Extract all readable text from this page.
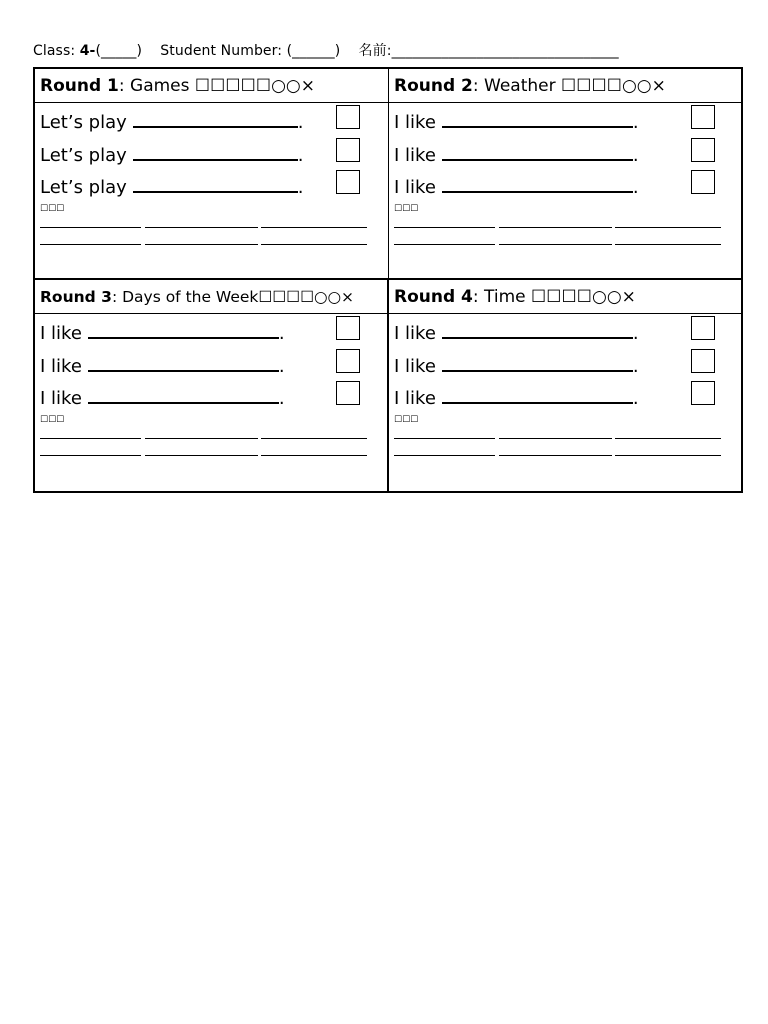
Class: 4-(_____) Student Number: (______) 名前:________________________________
Round 1: Games ☐☐☐☐☐○○×
Let’s play	.
Let’s play	.
Let’s play	.
☐☐☐
Round 2: Weather ☐☐☐☐○○×
I like	.
I like	.
I like	.
☐☐☐
Round 3: Days of the Week☐☐☐☐○○×
I like	.
I like	.
I like	.
☐☐☐
Round 4: Time ☐☐☐☐○○×
I like	.
I like	.
I like	.
☐☐☐
